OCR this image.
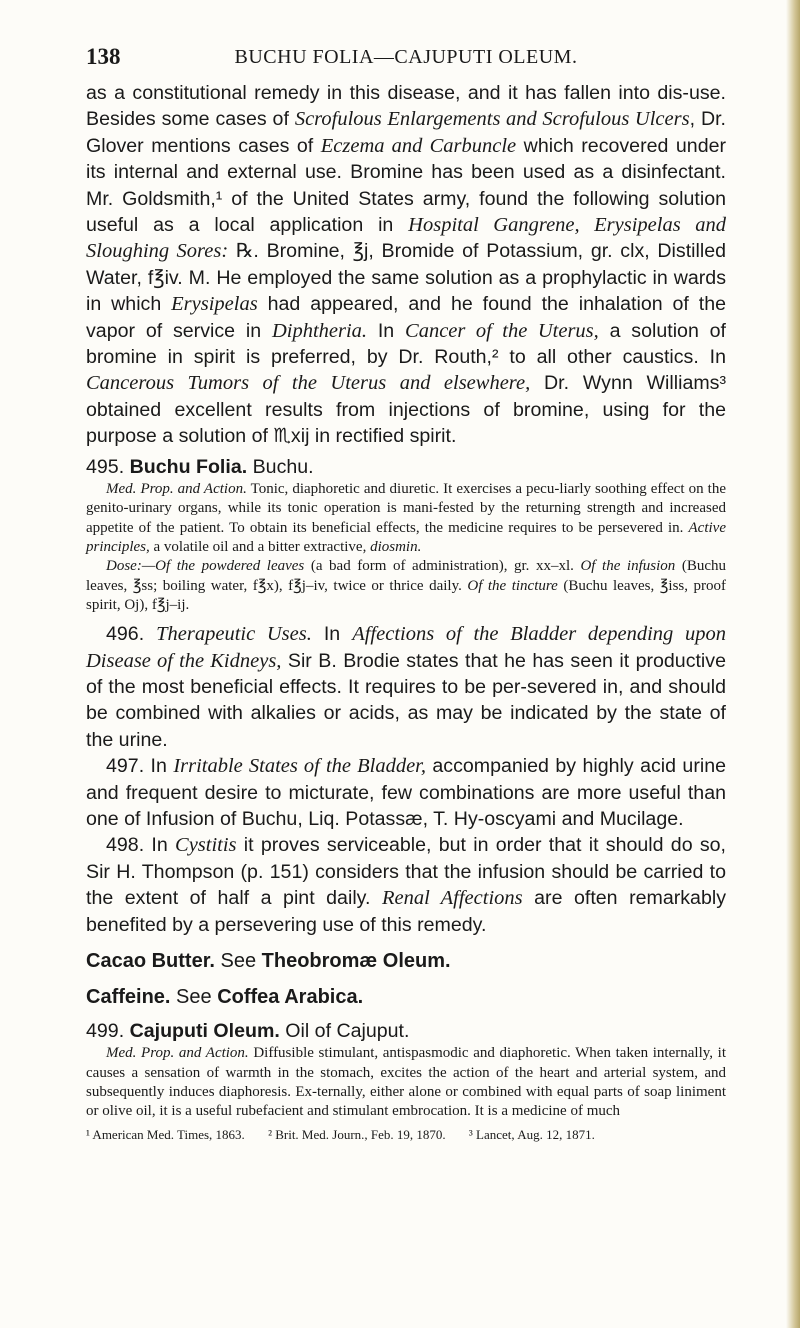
138	BUCHU FOLIA—CAJUPUTI OLEUM.

as a constitutional remedy in this disease, and it has fallen into dis-use. Besides some cases of Scrofulous Enlargements and Scrofulous Ulcers, Dr. Glover mentions cases of Eczema and Carbuncle which recovered under its internal and external use. Bromine has been used as a disinfectant. Mr. Goldsmith,¹ of the United States army, found the following solution useful as a local application in Hospital Gangrene, Erysipelas and Sloughing Sores: ℞. Bromine, ℥j, Bromide of Potassium, gr. clx, Distilled Water, f℥iv. M. He employed the same solution as a prophylactic in wards in which Erysipelas had appeared, and he found the inhalation of the vapor of service in Diphtheria. In Cancer of the Uterus, a solution of bromine in spirit is preferred, by Dr. Routh,² to all other caustics. In Cancerous Tumors of the Uterus and elsewhere, Dr. Wynn Williams³ obtained excellent results from injections of bromine, using for the purpose a solution of ♏xij in rectified spirit.

495. Buchu Folia. Buchu.

Med. Prop. and Action. Tonic, diaphoretic and diuretic. It exercises a pecu-liarly soothing effect on the genito-urinary organs, while its tonic operation is mani-fested by the returning strength and increased appetite of the patient. To obtain its beneficial effects, the medicine requires to be persevered in. Active principles, a volatile oil and a bitter extractive, diosmin.

Dose:—Of the powdered leaves (a bad form of administration), gr. xx–xl. Of the infusion (Buchu leaves, ℥ss; boiling water, f℥x), f℥j–iv, twice or thrice daily. Of the tincture (Buchu leaves, ℥iss, proof spirit, Oj), f℥j–ij.

496. Therapeutic Uses. In Affections of the Bladder depending upon Disease of the Kidneys, Sir B. Brodie states that he has seen it productive of the most beneficial effects. It requires to be per-severed in, and should be combined with alkalies or acids, as may be indicated by the state of the urine.

497. In Irritable States of the Bladder, accompanied by highly acid urine and frequent desire to micturate, few combinations are more useful than one of Infusion of Buchu, Liq. Potassæ, T. Hy-oscyami and Mucilage.

498. In Cystitis it proves serviceable, but in order that it should do so, Sir H. Thompson (p. 151) considers that the infusion should be carried to the extent of half a pint daily. Renal Affections are often remarkably benefited by a persevering use of this remedy.

Cacao Butter. See Theobromæ Oleum.

Caffeine. See Coffea Arabica.

499. Cajuputi Oleum. Oil of Cajuput.

Med. Prop. and Action. Diffusible stimulant, antispasmodic and diaphoretic. When taken internally, it causes a sensation of warmth in the stomach, excites the action of the heart and arterial system, and subsequently induces diaphoresis. Ex-ternally, either alone or combined with equal parts of soap liniment or olive oil, it is a useful rubefacient and stimulant embrocation. It is a medicine of much

¹ American Med. Times, 1863. ² Brit. Med. Journ., Feb. 19, 1870. ³ Lancet, Aug. 12, 1871.
